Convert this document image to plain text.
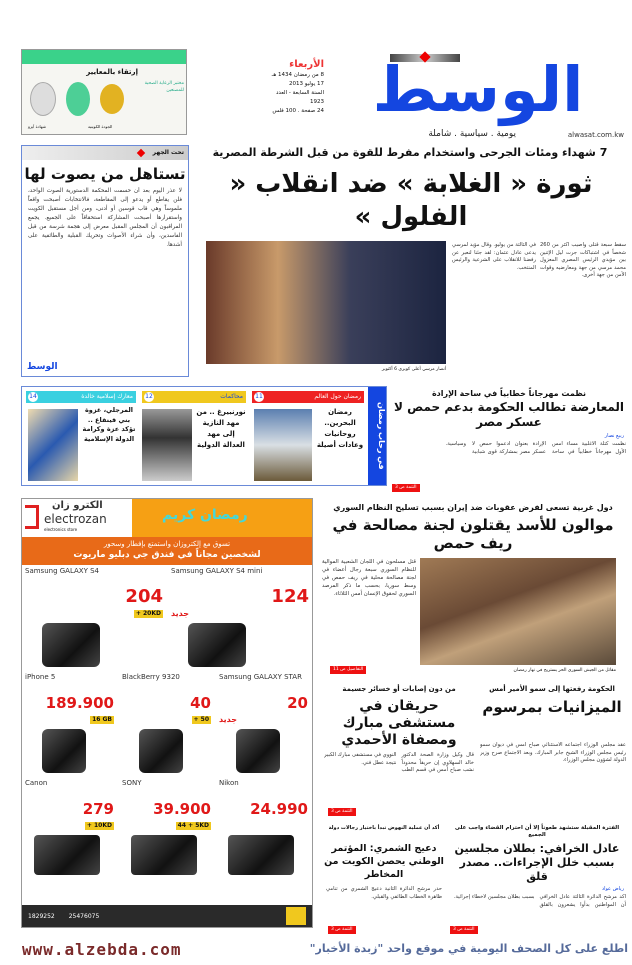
الوسط
يومية . سياسية . شاملة	alwasat.com.kw
الأربعاء
8 من رمضان 1434 هـ
17 يوليو 2013
السنة السابعة - العدد
1923
24 صفحة . 100 فلس
إرتقاء بالمعايير
مختبر الرعاية الصحية للمصنعين
شهادة أيزو	الجودة الكويتية
تحت الجهر
تستاهل من يصوت لها
لا عذر اليوم بعد أن حسمت المحكمة الدستورية الصوت الواحد، فلن يقاطع أو يدعو إلى المقاطعة، فالانتخابات أصبحت واقعاً ملموساً وهي قاب قوسين أو أدنى، ومن أجل مستقبل الكويت واستقرارها أصبحت المشاركة استحقاقاً على الجميع. يجمع المراقبون أن المجلس المقبل معرض إلى هجمة شرسة من قبل الفاسدين، وأن شراء الأصوات وتحريك القبلية والطائفية على أشدها.
الوسط
7 شهداء ومئات الجرحى واستخدام مفرط للقوة من قبل الشرطة المصرية
ثورة « الغلابة » ضد انقلاب « الفلول »
أنصار مرسي أعلى كوبري 6 أكتوبر
سقط سبعة قتلى وأصيب أكثر من 260 شخصاً في اشتباكات جرت ليل الإثنين بين مؤيدي الرئيس المصري المعزول محمد مرسي من جهة ومعارضيه وقوات الأمن من جهة أخرى.
في الثالثة من يوليو. وقال مؤيد لمرسي يدعى عادل عثمان: لقد جئنا لنعبر عن رفضنا للانقلاب على الشرعية والرئيس المنتخب.
في رحاب رمضان
رمضان حول العالم
11
رمضان البحرين.. روحانيات وعادات أصيلة
محاكمات
12
نورنبيرغ .. من مهد النازية إلى مهد العدالة الدولية
معارك إسلامية خالدة
14
المرجلي، غزوة بني قينقاع .. تؤكد عزة وكرامة الدولة الإسلامية
نظمت مهرجاناً خطابياً في ساحة الإرادة
المعارضة تطالب الحكومة بدعم حمص لا عسكر مصر
ربيع نصار
نظمت كتلة الأغلبية مساء أمس الأول مهرجاناً خطابياً في ساحة الإرادة بعنوان ادعموا حمص لا عسكر مصر بمشاركة قوى شبابية وسياسية.
التتمة ص 3
الكترو زان
electrozan
electronics store
رمضان كريم
تسوق مع إلكتروزان واستمتع بإفطار وسحور
لشخصين مجاناً في فندق جي دبليو ماريوت
Samsung GALAXY S4
204
+ 20KD
Samsung GALAXY S4 mini
124
جديد
iPhone 5
189.900
16 GB
BlackBerry 9320
40
+ 50
Samsung GALAXY STAR
20
جديد
Canon
279
+ 10KD
SONY
39.900
44 + 5KD
Nikon
24.990
1829252 25476075
دول غربية تسعى لفرض عقوبات ضد إيران بسبب تسليح النظام السوري
موالون للأسد يقتلون لجنة مصالحة في ريف حمص
قتل مسلحون في اللجان الشعبية الموالية للنظام السوري سبعة رجال أعضاء في لجنة مصالحة محلية في ريف حمص في وسط سوريا، بحسب ما ذكر المرصد السوري لحقوق الإنسان أمس الثلاثاء.
التفاصيل ص 11	مقاتل من الجيش السوري الحر يستريح في نهار رمضان
الحكومة رفعتها إلى سمو الأمير أمس
الميزانيات بمرسوم
عقد مجلس الوزراء اجتماعه الاستثنائي صباح أمس في ديوان سمو رئيس مجلس الوزراء الشيخ جابر المبارك. وبعد الاجتماع صرح وزير الدولة لشؤون مجلس الوزراء.
من دون إصابات أو خسائر جسيمة
حريقان في مستشفى مبارك ومصفاة الأحمدي
قال وكيل وزارة الصحة الدكتور خالد السهلاوي إن حريقاً محدوداً نشب صباح أمس في قسم الطب النووي في مستشفى مبارك الكبير نتيجة عطل فني.
التتمة ص 3
الفترة المقبلة ستشهد طعوناً إلا أن احترام القضاء واجب على الجميع
عادل الخرافي: بطلان مجلسين بسبب خلل الإجراءات.. مصدر قلق
رياض عواد
أكد مرشح الدائرة الثالثة عادل الخرافي أن المواطنين بدأوا يشعرون بالقلق بسبب بطلان مجلسين لأخطاء إجرائية.
التتمة ص 3
أكد أن عملية النهوض تبدأ باختيار رجالات دولة
دعيج الشمري: المؤتمر الوطني يحصن الكويت من المخاطر
حذر مرشح الدائرة الثانية دعيج الشمري من تنامي ظاهرة الخطاب الطائفي والقبلي.
التتمة ص 3
www.alzebda.com	اطلع على كل الصحف اليومية في موقع واحد "زبدة الأخبار"
